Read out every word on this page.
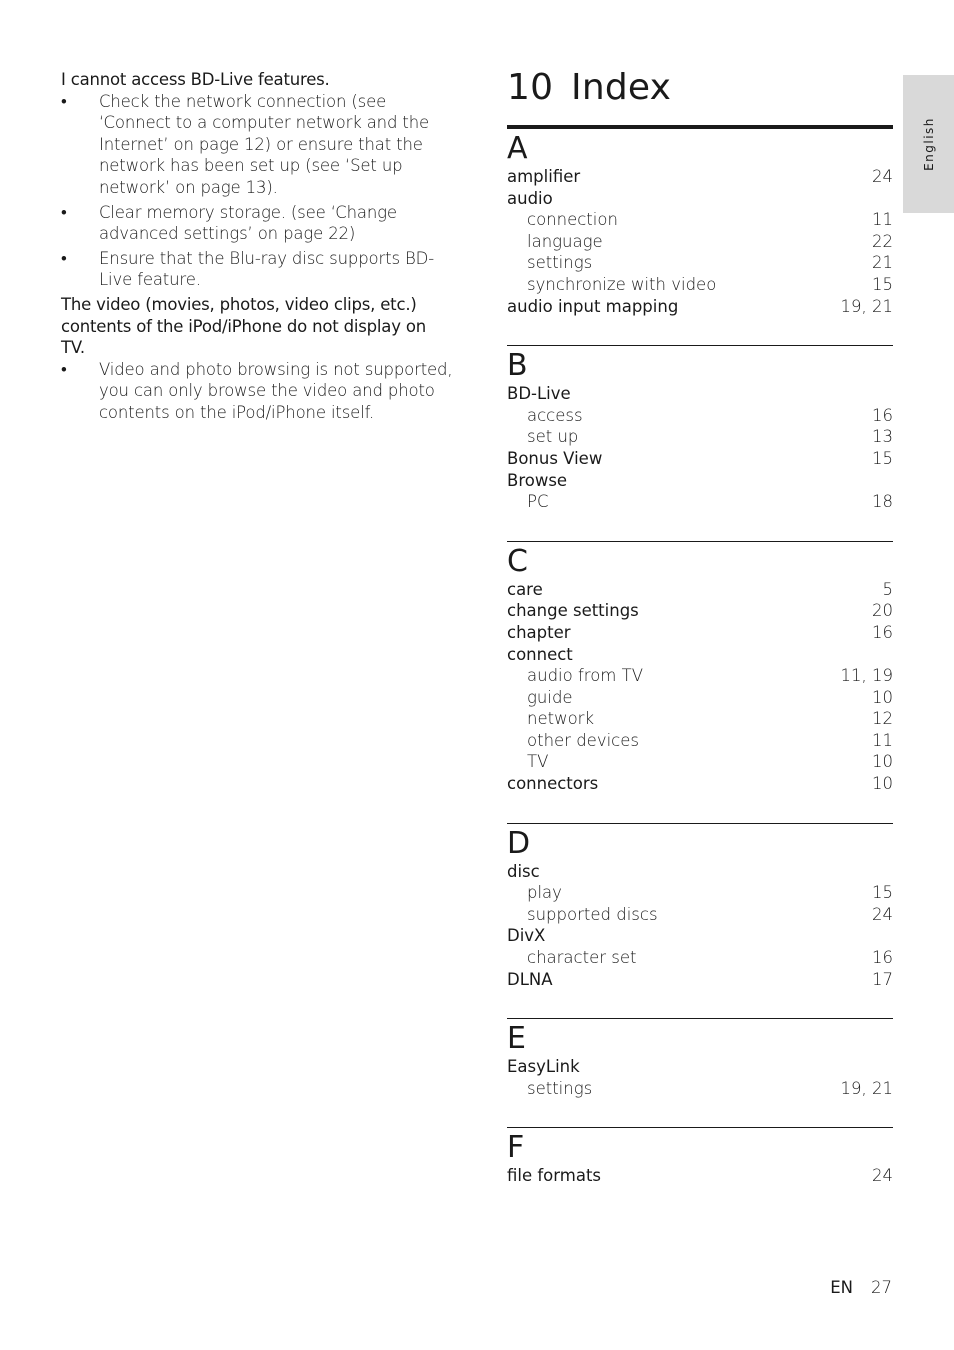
I cannot access BD-Live features.

• Check the network connection (see ‘Connect to a computer network and the Internet’ on page 12) or ensure that the network has been set up (see ‘Set up network’ on page 13).
• Clear memory storage. (see ‘Change advanced settings’ on page 22)
• Ensure that the Blu-ray disc supports BD-Live feature.

The video (movies, photos, video clips, etc.) contents of the iPod/iPhone do not display on TV.

• Video and photo browsing is not supported, you can only browse the video and photo contents on the iPod/iPhone itself.
10 Index
A
amplifier	24
audio
connection	11
language	22
settings	21
synchronize with video	15
audio input mapping	19, 21
B
BD-Live
access	16
set up	13
Bonus View	15
Browse
PC	18
C
care	5
change settings	20
chapter	16
connect
audio from TV	11, 19
guide	10
network	12
other devices	11
TV	10
connectors	10
D
disc
play	15
supported discs	24
DivX
character set	16
DLNA	17
E
EasyLink
settings	19, 21
F
file formats	24
English
EN 27
